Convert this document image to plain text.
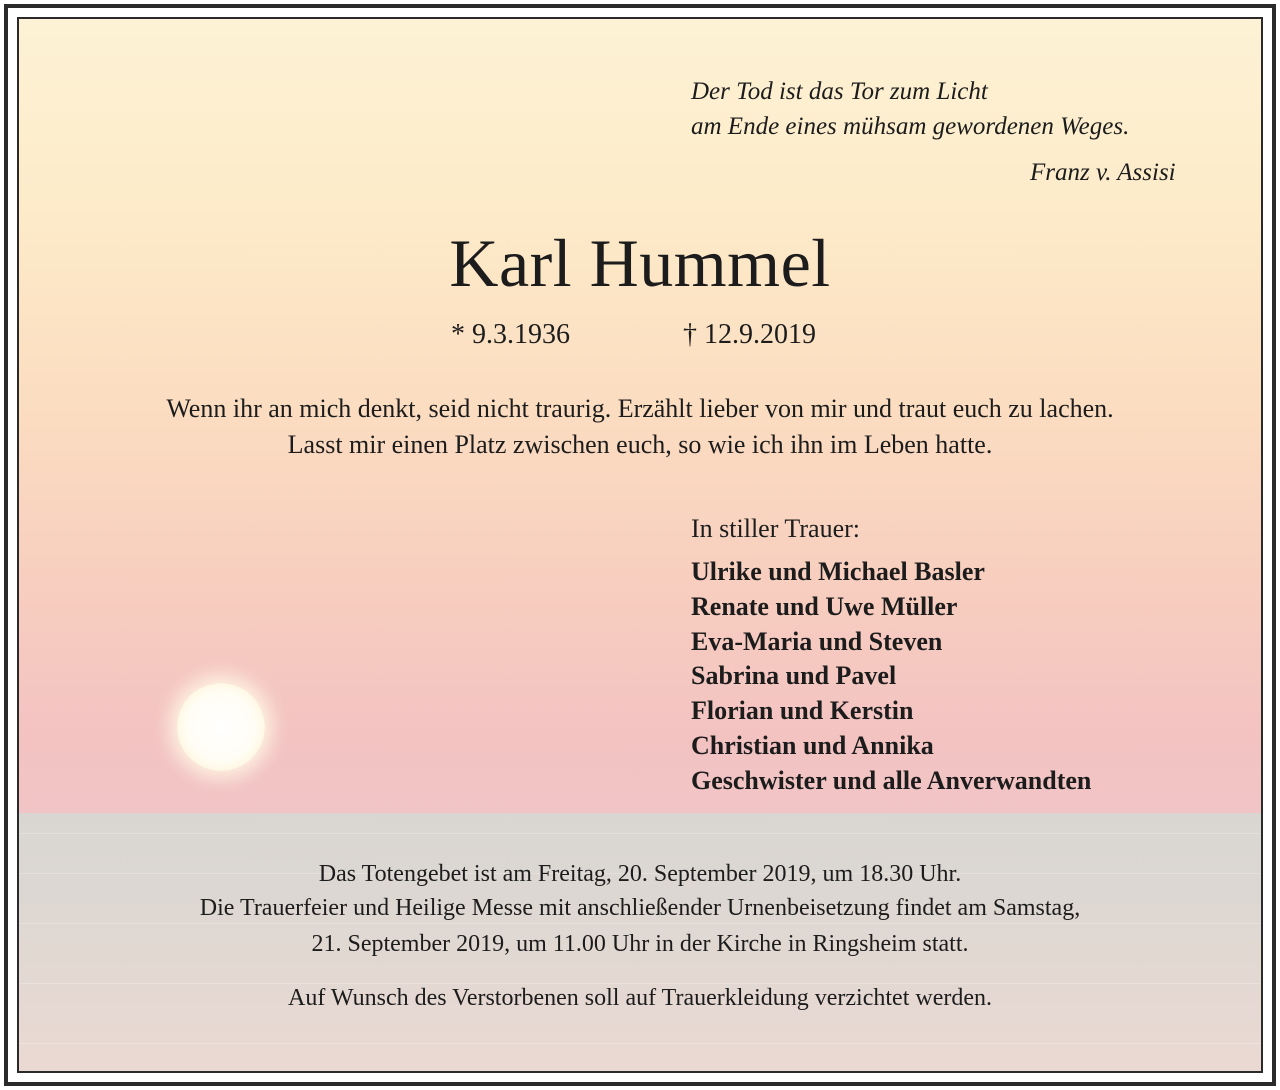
Der Tod ist das Tor zum Licht
am Ende eines mühsam gewordenen Weges.
Franz v. Assisi
Karl Hummel
* 9.3.1936	† 12.9.2019
Wenn ihr an mich denkt, seid nicht traurig. Erzählt lieber von mir und traut euch zu lachen.
Lasst mir einen Platz zwischen euch, so wie ich ihn im Leben hatte.
In stiller Trauer:
Ulrike und Michael Basler
Renate und Uwe Müller
Eva-Maria und Steven
Sabrina und Pavel
Florian und Kerstin
Christian und Annika
Geschwister und alle Anverwandten
Das Totengebet ist am Freitag, 20. September 2019, um 18.30 Uhr.
Die Trauerfeier und Heilige Messe mit anschließender Urnenbeisetzung findet am Samstag,
21. September 2019, um 11.00 Uhr in der Kirche in Ringsheim statt.
Auf Wunsch des Verstorbenen soll auf Trauerkleidung verzichtet werden.
